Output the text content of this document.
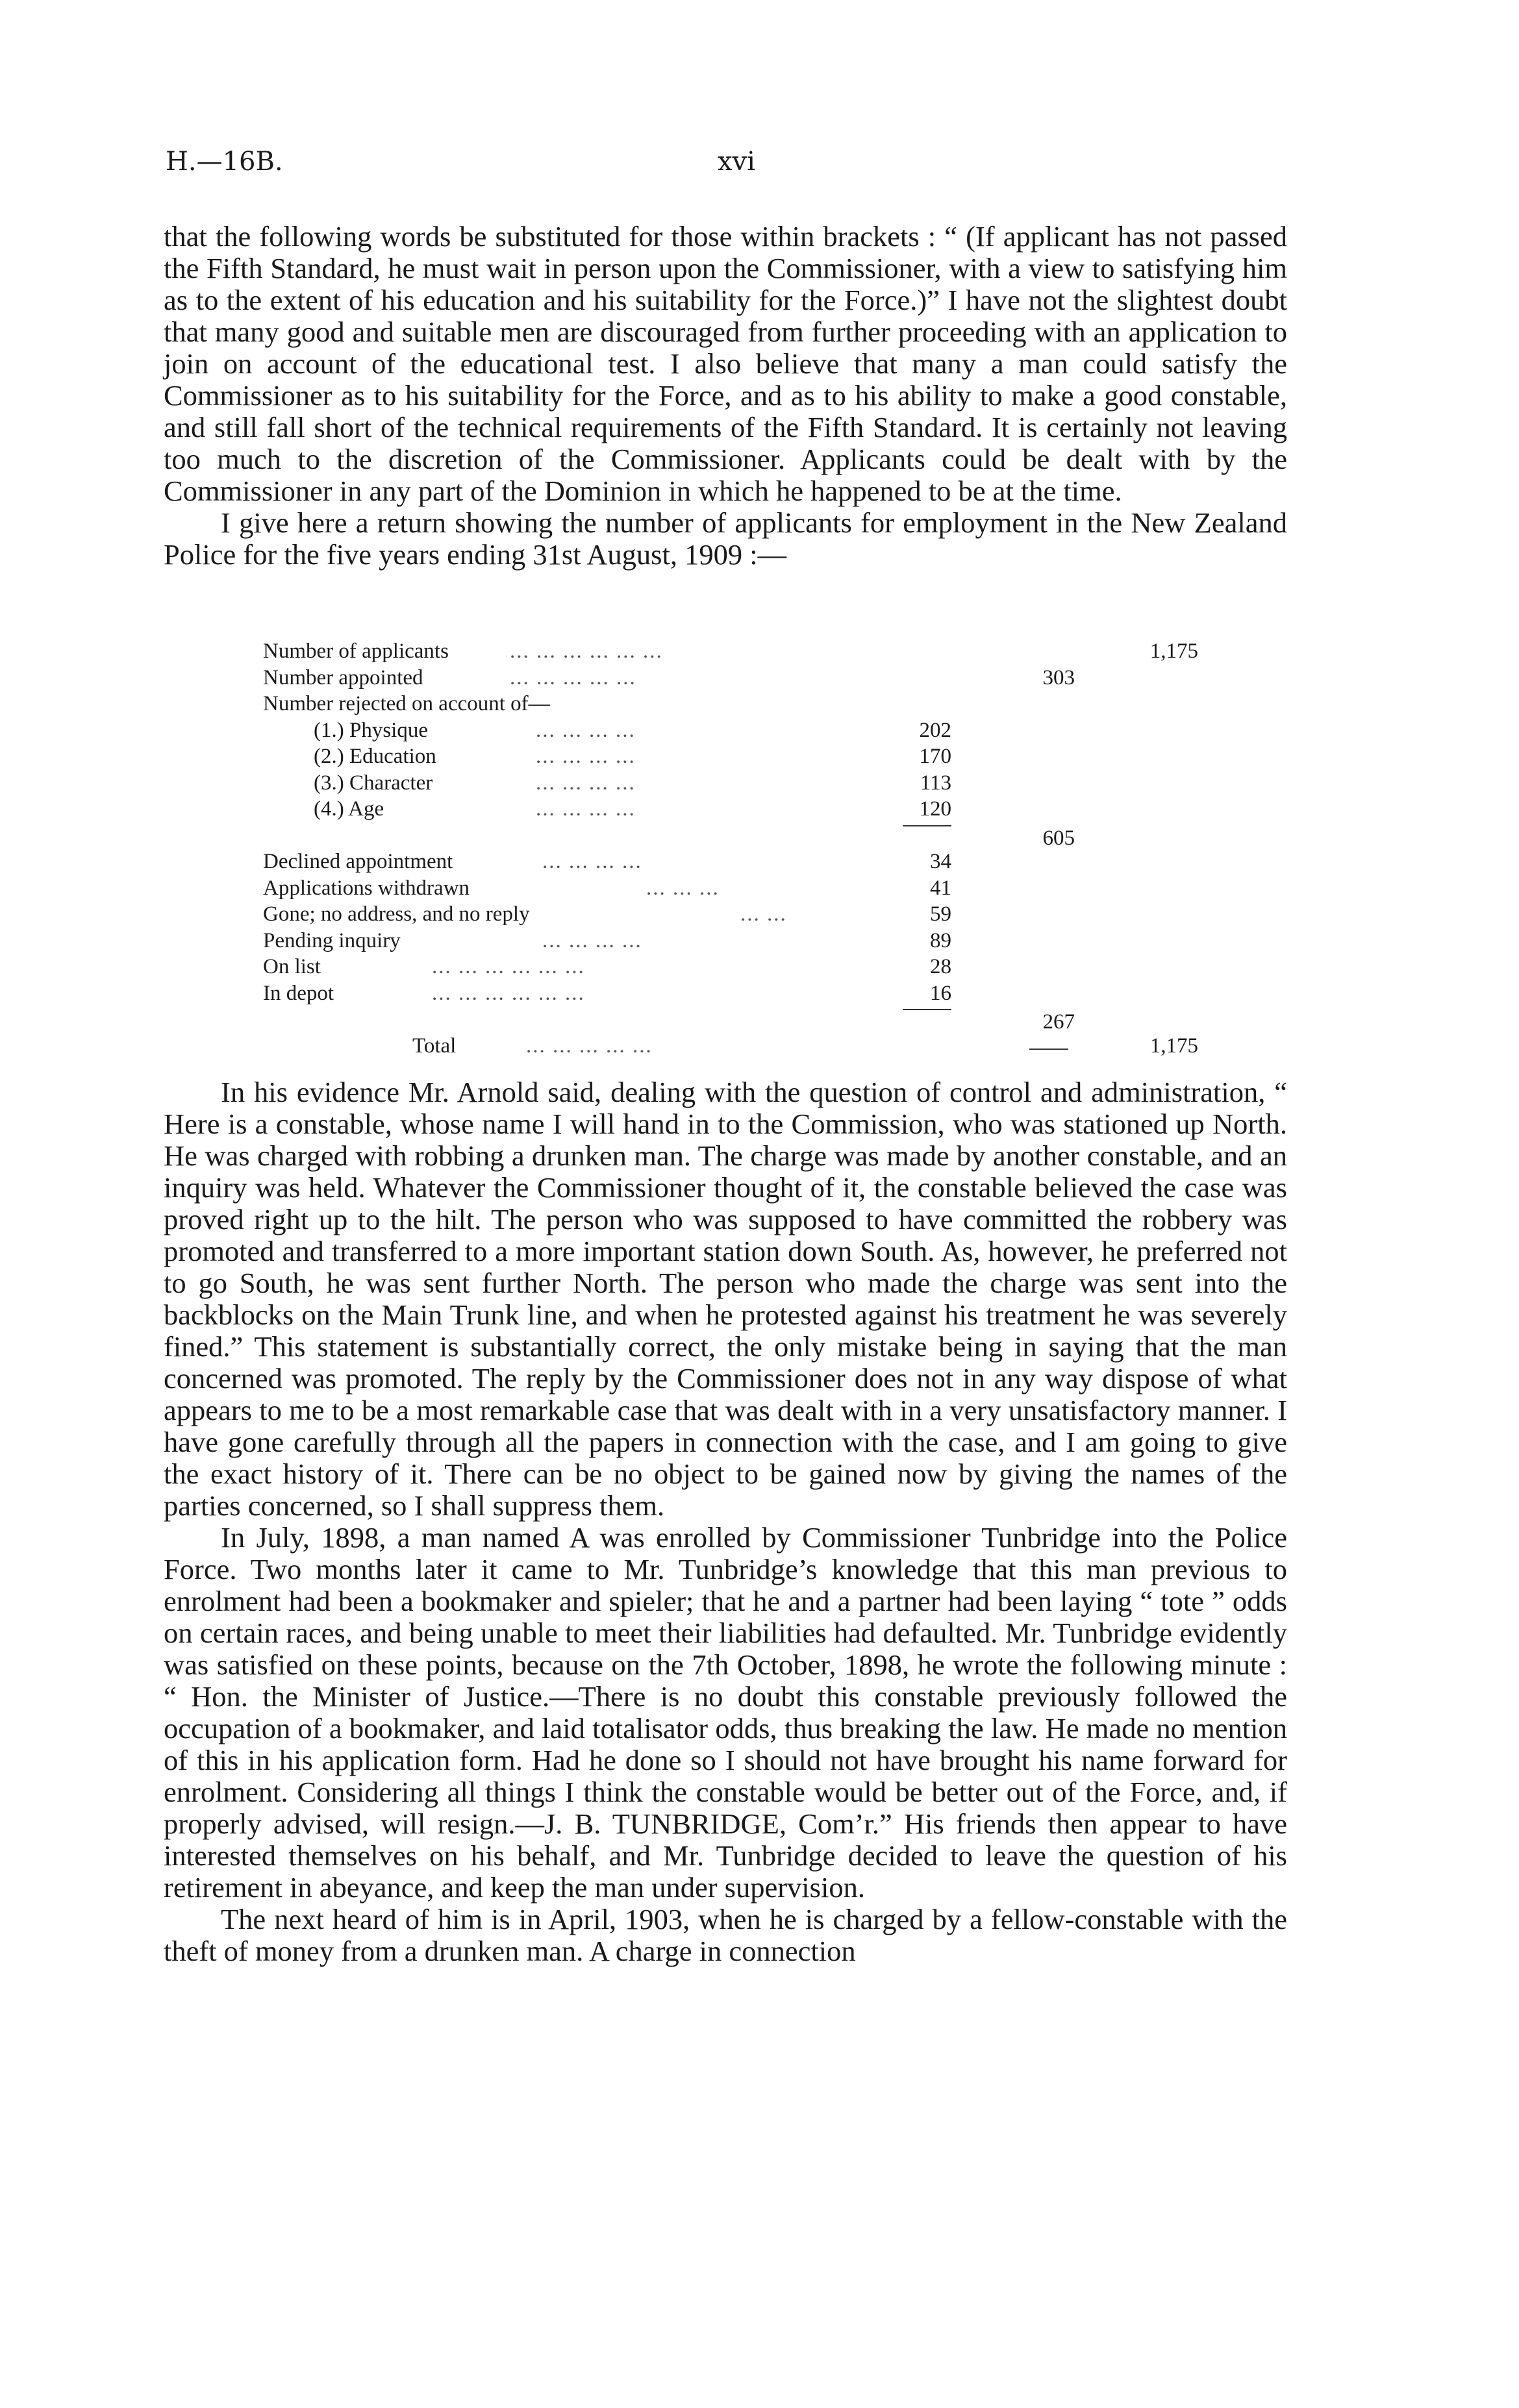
H.—16B.	xvi

that the following words be substituted for those within brackets : “ (If applicant has not passed the Fifth Standard, he must wait in person upon the Commissioner, with a view to satisfying him as to the extent of his education and his suitability for the Force.)” I have not the slightest doubt that many good and suitable men are discouraged from further proceeding with an application to join on account of the educational test. I also believe that many a man could satisfy the Commissioner as to his suitability for the Force, and as to his ability to make a good constable, and still fall short of the technical requirements of the Fifth Standard. It is certainly not leaving too much to the discretion of the Commissioner. Applicants could be dealt with by the Commissioner in any part of the Dominion in which he happened to be at the time.

I give here a return showing the number of applicants for employment in the New Zealand Police for the five years ending 31st August, 1909 :—

Number of applicants	... ... ... ... ... ...	1,175
Number appointed	... ... ... ... ...	303
Number rejected on account of—
(1.) Physique	... ... ... ...	202
(2.) Education	... ... ... ...	170
(3.) Character	... ... ... ...	113
(4.) Age	... ... ... ...	120
605
Declined appointment	... ... ... ...	34
Applications withdrawn	... ... ...	41
Gone; no address, and no reply	... ...	59
Pending inquiry	... ... ... ...	89
On list	... ... ... ... ... ...	28
In depot	... ... ... ... ... ...	16
267
Total	... ... ... ... ...	1,175

In his evidence Mr. Arnold said, dealing with the question of control and administration, “ Here is a constable, whose name I will hand in to the Commission, who was stationed up North. He was charged with robbing a drunken man. The charge was made by another constable, and an inquiry was held. Whatever the Commissioner thought of it, the constable believed the case was proved right up to the hilt. The person who was supposed to have committed the robbery was promoted and transferred to a more important station down South. As, however, he preferred not to go South, he was sent further North. The person who made the charge was sent into the backblocks on the Main Trunk line, and when he protested against his treatment he was severely fined.” This statement is substantially correct, the only mistake being in saying that the man concerned was promoted. The reply by the Commissioner does not in any way dispose of what appears to me to be a most remarkable case that was dealt with in a very unsatisfactory manner. I have gone carefully through all the papers in connection with the case, and I am going to give the exact history of it. There can be no object to be gained now by giving the names of the parties concerned, so I shall suppress them.

In July, 1898, a man named A was enrolled by Commissioner Tunbridge into the Police Force. Two months later it came to Mr. Tunbridge’s knowledge that this man previous to enrolment had been a bookmaker and spieler; that he and a partner had been laying “ tote ” odds on certain races, and being unable to meet their liabilities had defaulted. Mr. Tunbridge evidently was satisfied on these points, because on the 7th October, 1898, he wrote the following minute : “ Hon. the Minister of Justice.—There is no doubt this constable previously followed the occupation of a bookmaker, and laid totalisator odds, thus breaking the law. He made no mention of this in his application form. Had he done so I should not have brought his name forward for enrolment. Considering all things I think the constable would be better out of the Force, and, if properly advised, will resign.—J. B. TUNBRIDGE, Com’r.” His friends then appear to have interested themselves on his behalf, and Mr. Tunbridge decided to leave the question of his retirement in abeyance, and keep the man under supervision.

The next heard of him is in April, 1903, when he is charged by a fellow-constable with the theft of money from a drunken man. A charge in connection
